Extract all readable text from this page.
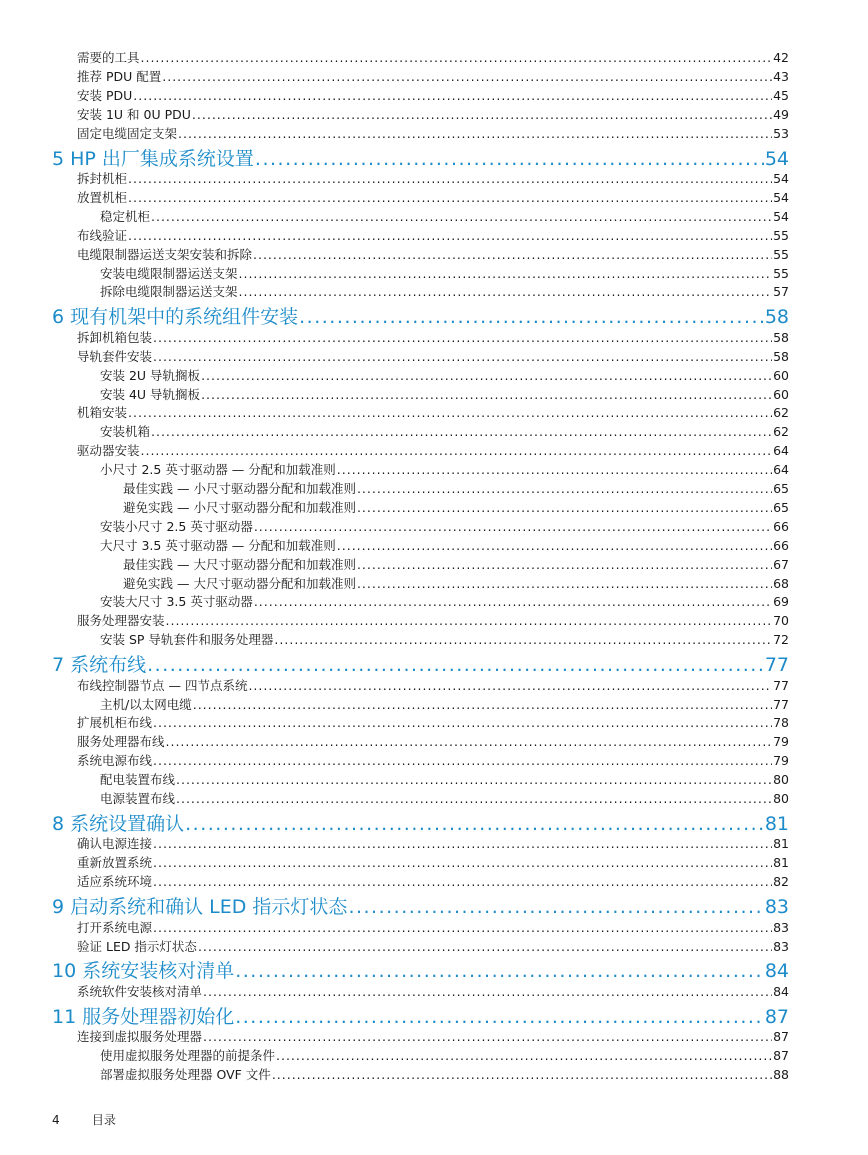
需要的工具 .....	42
推荐 PDU 配置 .....	43
安装 PDU .....	45
安装 1U 和 0U PDU .....	49
固定电缆固定支架 .....	53
5 HP 出厂集成系统设置 .....	54
拆封机柜 .....	54
放置机柜 .....	54
稳定机柜 .....	54
布线验证 .....	55
电缆限制器运送支架安装和拆除 .....	55
安装电缆限制器运送支架 .....	55
拆除电缆限制器运送支架 .....	57
6 现有机架中的系统组件安装 .....	58
拆卸机箱包装 .....	58
导轨套件安装 .....	58
安装 2U 导轨搁板 .....	60
安装 4U 导轨搁板 .....	60
机箱安装 .....	62
安装机箱 .....	62
驱动器安装 .....	64
小尺寸 2.5 英寸驱动器 — 分配和加载准则 .....	64
最佳实践 — 小尺寸驱动器分配和加载准则 .....	65
避免实践 — 小尺寸驱动器分配和加载准则 .....	65
安装小尺寸 2.5 英寸驱动器 .....	66
大尺寸 3.5 英寸驱动器 — 分配和加载准则 .....	66
最佳实践 — 大尺寸驱动器分配和加载准则 .....	67
避免实践 — 大尺寸驱动器分配和加载准则 .....	68
安装大尺寸 3.5 英寸驱动器 .....	69
服务处理器安装 .....	70
安装 SP 导轨套件和服务处理器 .....	72
7 系统布线 .....	77
布线控制器节点 — 四节点系统 .....	77
主机/以太网电缆 .....	77
扩展机柜布线 .....	78
服务处理器布线 .....	79
系统电源布线 .....	79
配电装置布线 .....	80
电源装置布线 .....	80
8 系统设置确认 .....	81
确认电源连接 .....	81
重新放置系统 .....	81
适应系统环境 .....	82
9 启动系统和确认 LED 指示灯状态 .....	83
打开系统电源 .....	83
验证 LED 指示灯状态 .....	83
10 系统安装核对清单 .....	84
系统软件安装核对清单 .....	84
11 服务处理器初始化 .....	87
连接到虚拟服务处理器 .....	87
使用虚拟服务处理器的前提条件 .....	87
部署虚拟服务处理器 OVF 文件 .....	88
4	目录
